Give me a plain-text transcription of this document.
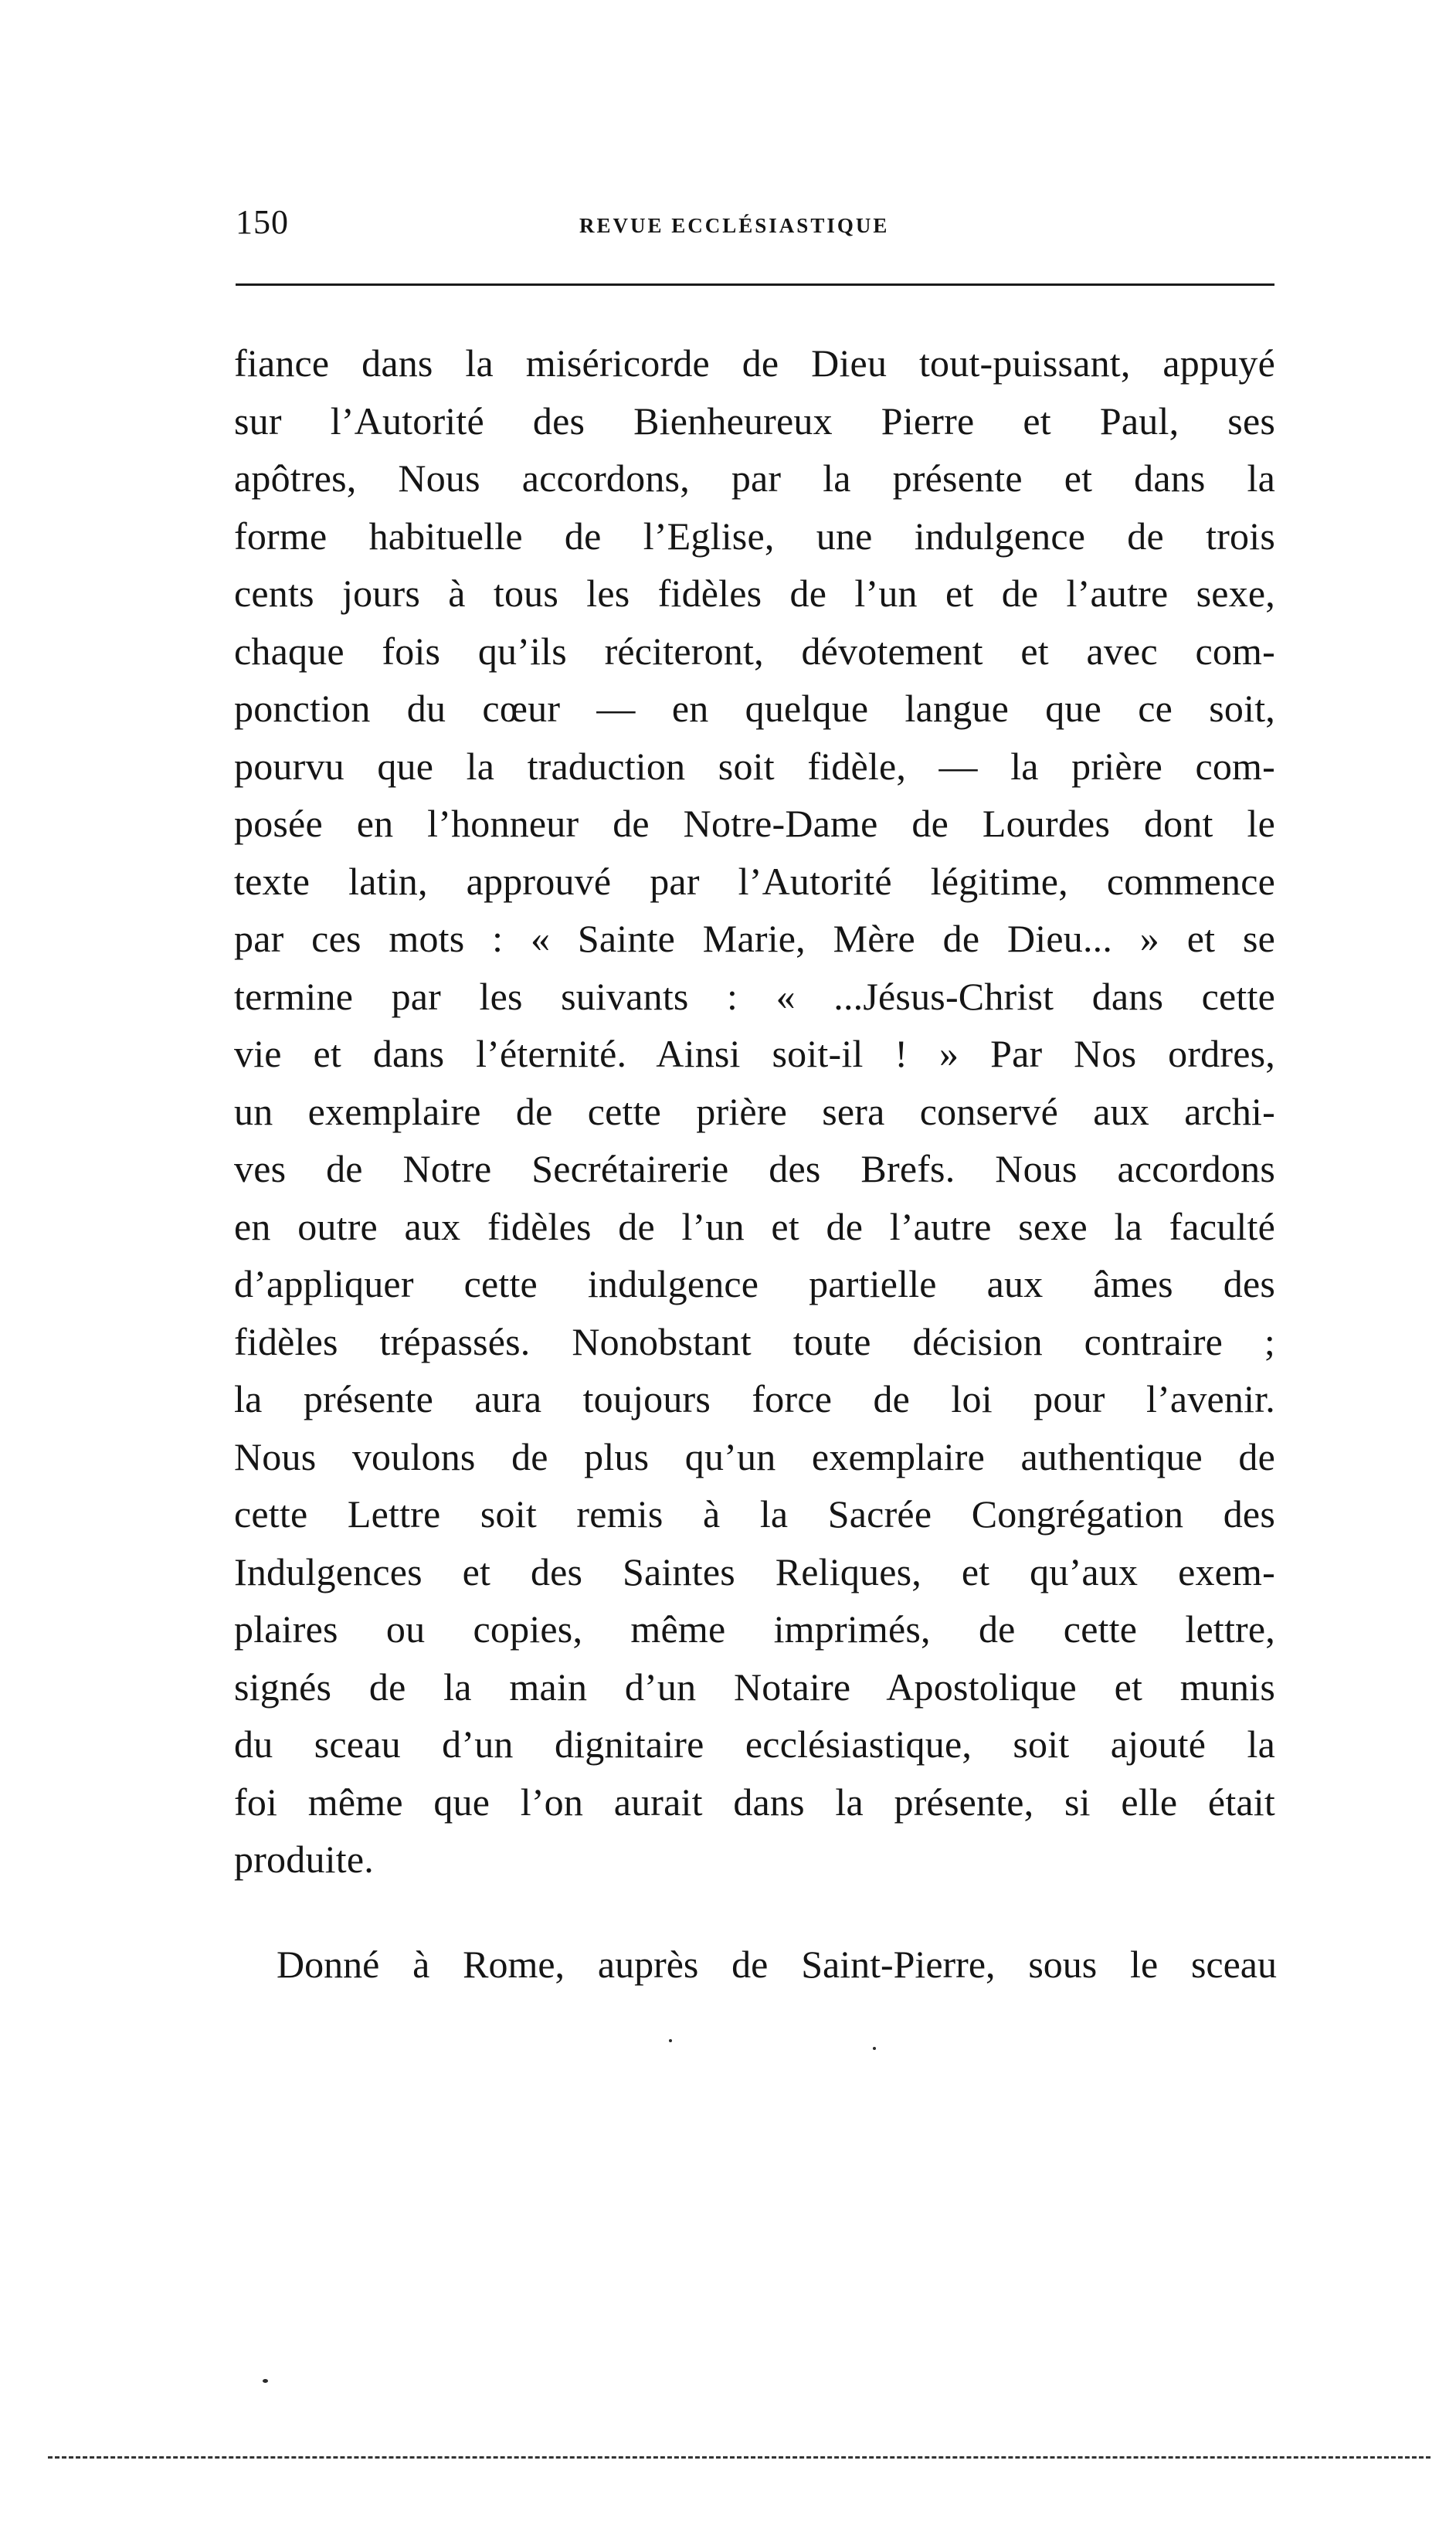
150	REVUE ECCLÉSIASTIQUE
fiance dans la miséricorde de Dieu tout-puissant, appuyé
sur l’Autorité des Bienheureux Pierre et Paul, ses
apôtres, Nous accordons, par la présente et dans la
forme habituelle de l’Eglise, une indulgence de trois
cents jours à tous les fidèles de l’un et de l’autre sexe,
chaque fois qu’ils réciteront, dévotement et avec com-
ponction du cœur — en quelque langue que ce soit,
pourvu que la traduction soit fidèle, — la prière com-
posée en l’honneur de Notre-Dame de Lourdes dont le
texte latin, approuvé par l’Autorité légitime, commence
par ces mots : « Sainte Marie, Mère de Dieu... » et se
termine par les suivants : « ...Jésus-Christ dans cette
vie et dans l’éternité. Ainsi soit-il ! » Par Nos ordres,
un exemplaire de cette prière sera conservé aux archi-
ves de Notre Secrétairerie des Brefs. Nous accordons
en outre aux fidèles de l’un et de l’autre sexe la faculté
d’appliquer cette indulgence partielle aux âmes des
fidèles trépassés. Nonobstant toute décision contraire ;
la présente aura toujours force de loi pour l’avenir.
Nous voulons de plus qu’un exemplaire authentique de
cette Lettre soit remis à la Sacrée Congrégation des
Indulgences et des Saintes Reliques, et qu’aux exem-
plaires ou copies, même imprimés, de cette lettre,
signés de la main d’un Notaire Apostolique et munis
du sceau d’un dignitaire ecclésiastique, soit ajouté la
foi même que l’on aurait dans la présente, si elle était
produite.
Donné à Rome, auprès de Saint-Pierre, sous le sceau
